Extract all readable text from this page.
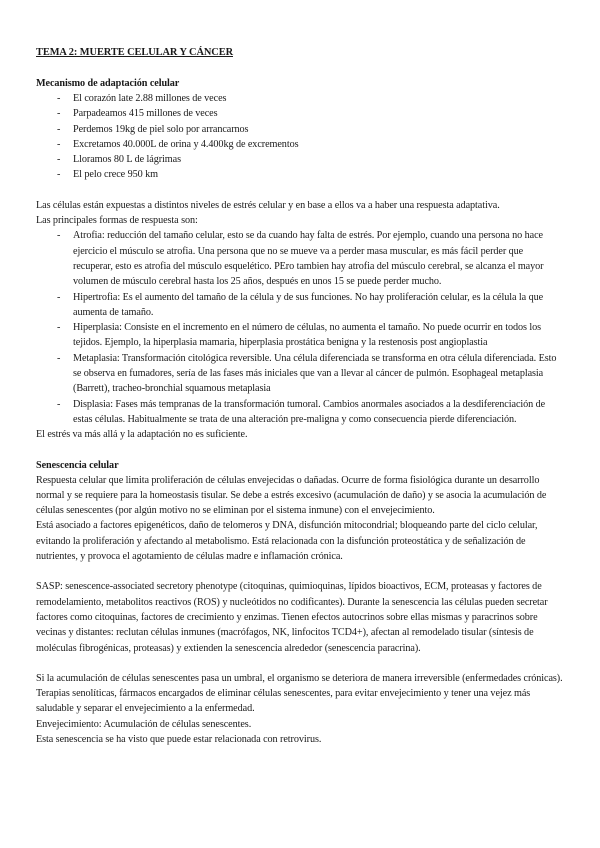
TEMA 2: MUERTE CELULAR Y CÁNCER
Mecanismo de adaptación celular
- El corazón late 2.88 millones de veces
- Parpadeamos 415 millones de veces
- Perdemos 19kg de piel solo por arrancarnos
- Excretamos 40.000L de orina y 4.400kg de excrementos
- Lloramos 80 L de lágrimas
- El pelo crece 950 km

Las células están expuestas a distintos niveles de estrés celular y en base a ellos va a haber una respuesta adaptativa.

Las principales formas de respuesta son:

- Atrofia: reducción del tamaño celular, esto se da cuando hay falta de estrés. Por ejemplo, cuando una persona no hace ejercicio el músculo se atrofia. Una persona que no se mueve va a perder masa muscular, es más fácil perder que recuperar, esto es atrofia del músculo esquelético. PEro tambien hay atrofia del músculo cerebral, se alcanza el mayor volumen de músculo cerebral hasta los 25 años, después en unos 15 se puede perder mucho.
- Hipertrofia: Es el aumento del tamaño de la célula y de sus funciones. No hay proliferación celular, es la célula la que aumenta de tamaño.
- Hiperplasia: Consiste en el incremento en el número de células, no aumenta el tamaño. No puede ocurrir en todos los tejidos. Ejemplo, la hiperplasia mamaria, hiperplasia prostática benigna y la restenosis post angioplastia
- Metaplasia: Transformación citológica reversible. Una célula diferenciada se transforma en otra célula diferenciada. Esto se observa en fumadores, sería de las fases más iniciales que van a llevar al cáncer de pulmón. Esophageal metaplasia (Barrett), tracheo-bronchial squamous metaplasia
- Displasia: Fases más tempranas de la transformación tumoral. Cambios anormales asociados a la desdiferenciación de estas células. Habitualmente se trata de una alteración pre-maligna y como consecuencia pierde diferenciación.

El estrés va más allá y la adaptación no es suficiente.

Senescencia celular

Respuesta celular que limita proliferación de células envejecidas o dañadas. Ocurre de forma fisiológica durante un desarrollo normal y se requiere para la homeostasis tisular. Se debe a estrés excesivo (acumulación de daño) y se asocia la acumulación de células senescentes (por algún motivo no se eliminan por el sistema inmune) con el envejecimiento.

Está asociado a factores epigenéticos, daño de telomeros y DNA, disfunción mitocondrial; bloqueando parte del ciclo celular, evitando la proliferación y afectando al metabolismo. Está relacionada con la disfunción proteostática y de señalización de nutrientes, y provoca el agotamiento de células madre e inflamación crónica.

SASP: senescence-associated secretory phenotype (citoquinas, quimioquinas, lípidos bioactivos, ECM, proteasas y factores de remodelamiento, metabolitos reactivos (ROS) y nucleótidos no codificantes). Durante la senescencia las células pueden secretar factores como citoquinas, factores de crecimiento y enzimas. Tienen efectos autocrinos sobre ellas mismas y paracrinos sobre vecinas y distantes: reclutan células inmunes (macrófagos, NK, linfocitos TCD4+), afectan al remodelado tisular (síntesis de moléculas fibrogénicas, proteasas) y extienden la senescencia alrededor (senescencia paracrina).

Si la acumulación de células senescentes pasa un umbral, el organismo se deteriora de manera irreversible (enfermedades crónicas). Terapias senolíticas, fármacos encargados de eliminar células senescentes, para evitar envejecimiento y tener una vejez más saludable y separar el envejecimiento a la enfermedad.

Envejecimiento: Acumulación de células senescentes.

Esta senescencia se ha visto que puede estar relacionada con retrovirus.
